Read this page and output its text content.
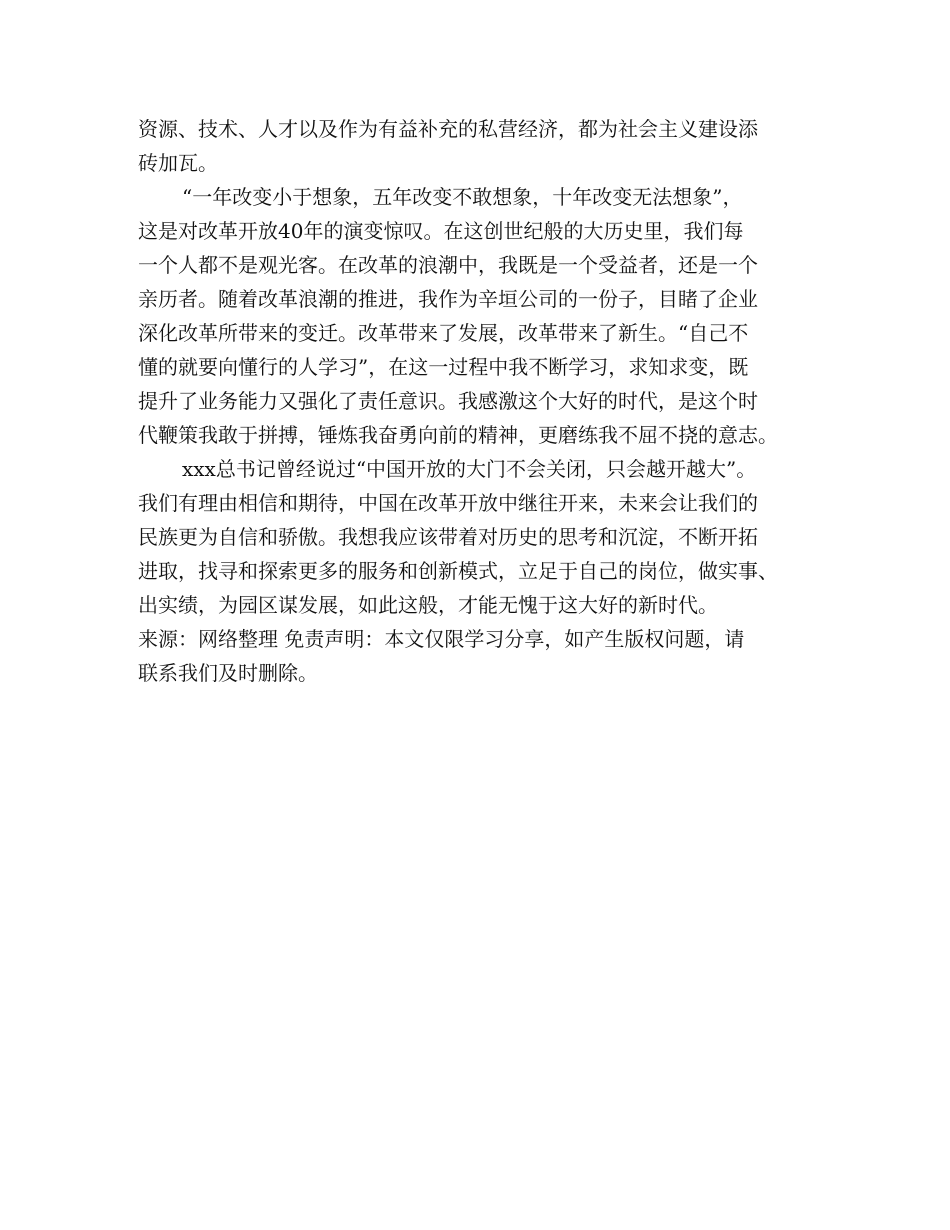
资源、技术、人才以及作为有益补充的私营经济，都为社会主义建设添
砖加瓦。
“一年改变小于想象，五年改变不敢想象，十年改变无法想象”，
这是对改革开放40年的演变惊叹。在这创世纪般的大历史里，我们每
一个人都不是观光客。在改革的浪潮中，我既是一个受益者，还是一个
亲历者。随着改革浪潮的推进，我作为辛垣公司的一份子，目睹了企业
深化改革所带来的变迁。改革带来了发展，改革带来了新生。“自己不
懂的就要向懂行的人学习”，在这一过程中我不断学习，求知求变，既
提升了业务能力又强化了责任意识。我感激这个大好的时代，是这个时
代鞭策我敢于拼搏，锤炼我奋勇向前的精神，更磨练我不屈不挠的意志。
xxx总书记曾经说过“中国开放的大门不会关闭，只会越开越大”。
我们有理由相信和期待，中国在改革开放中继往开来，未来会让我们的
民族更为自信和骄傲。我想我应该带着对历史的思考和沉淀，不断开拓
进取，找寻和探索更多的服务和创新模式，立足于自己的岗位，做实事、
出实绩，为园区谋发展，如此这般，才能无愧于这大好的新时代。
来源：网络整理 免责声明：本文仅限学习分享，如产生版权问题，请
联系我们及时删除。
